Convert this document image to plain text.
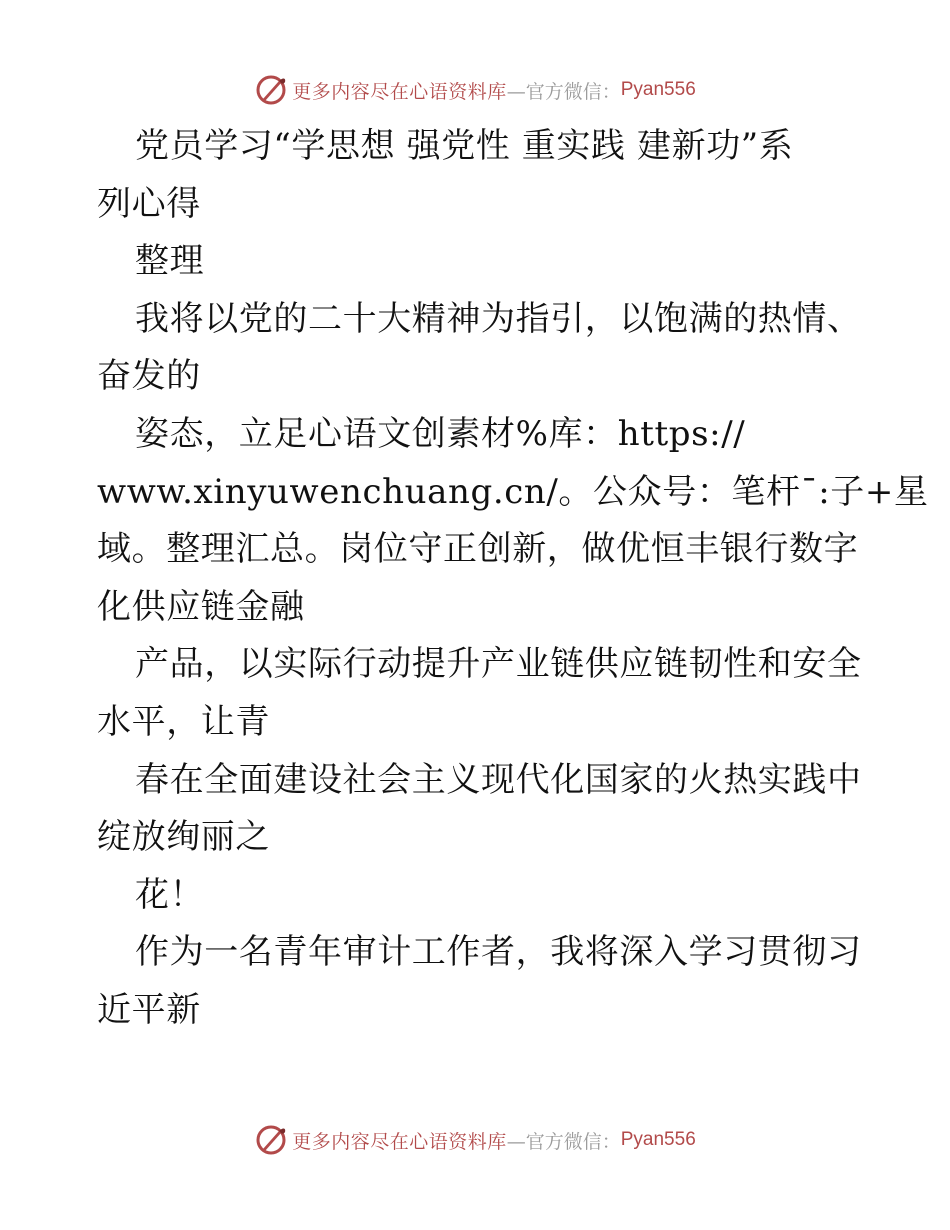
更多内容尽在心语资料库 —官方微信： Pyan556
党员学习“学思想 强党性 重实践 建新功”系
列心得
整理
我将以党的二十大精神为指引，以饱满的热情、
奋发的
姿态，立足心语文创素材%库：https://
www.xinyuwenchuang.cn/。公众号：笔杆¯:子+星
域。整理汇总。岗位守正创新，做优恒丰银行数字
化供应链金融
产品，以实际行动提升产业链供应链韧性和安全
水平，让青
春在全面建设社会主义现代化国家的火热实践中
绽放绚丽之
花！
作为一名青年审计工作者，我将深入学习贯彻习
近平新
更多内容尽在心语资料库 —官方微信： Pyan556
